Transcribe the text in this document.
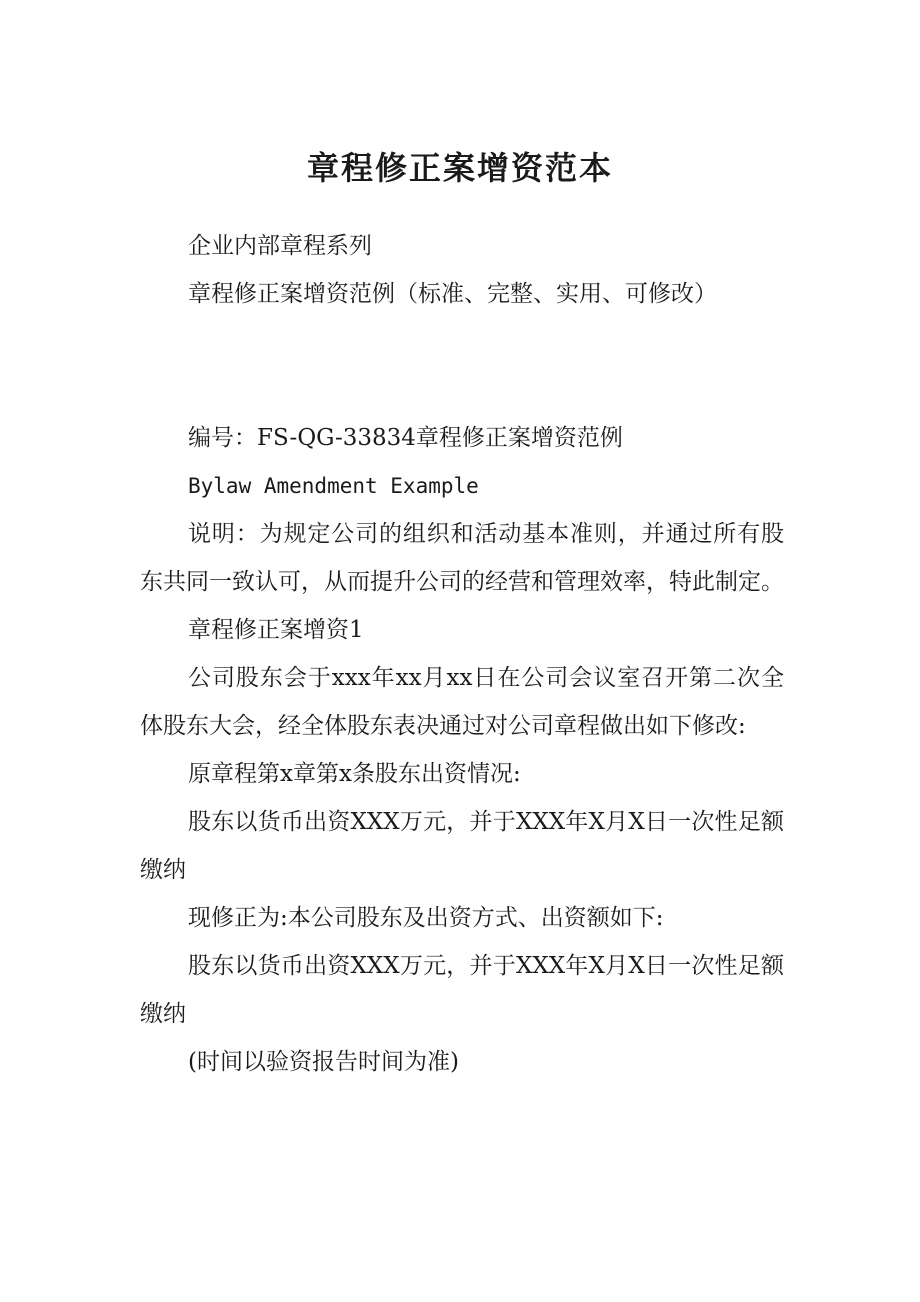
章程修正案增资范本

企业内部章程系列

章程修正案增资范例（标准、完整、实用、可修改）

编号：FS-QG-33834章程修正案增资范例

Bylaw Amendment Example

说明：为规定公司的组织和活动基本准则，并通过所有股东共同一致认可，从而提升公司的经营和管理效率，特此制定。

章程修正案增资1

公司股东会于xxx年xx月xx日在公司会议室召开第二次全体股东大会，经全体股东表决通过对公司章程做出如下修改:

原章程第x章第x条股东出资情况:

股东以货币出资XXX万元，并于XXX年X月X日一次性足额缴纳

现修正为:本公司股东及出资方式、出资额如下:

股东以货币出资XXX万元，并于XXX年X月X日一次性足额缴纳

(时间以验资报告时间为准)
